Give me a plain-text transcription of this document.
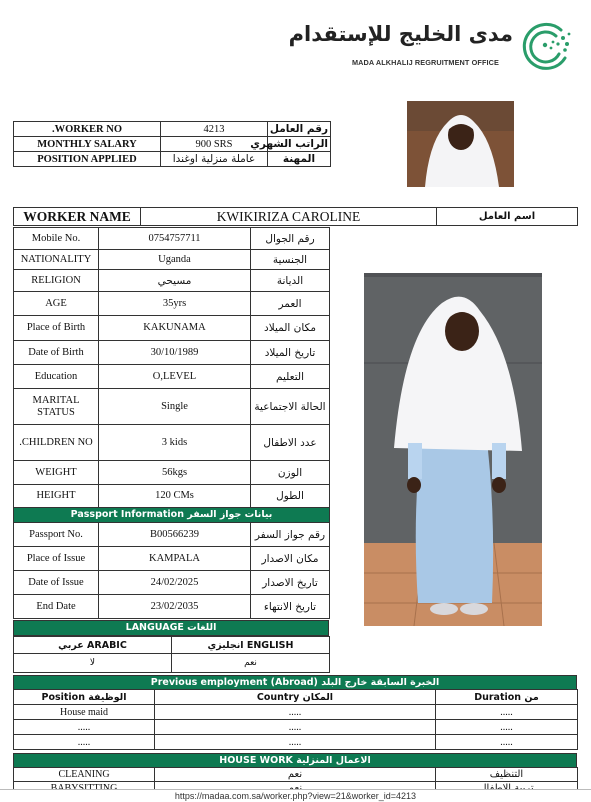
مدى الخليج للإستقدام
MADA ALKHALIJ REGRUITMENT OFFICE
.WORKER NO	4213	رقم العامل
MONTHLY SALARY	900 SRS	الراتب الشهري
POSITION APPLIED	عاملة منزلية اوغندا	المهنة
WORKER NAME	KWIKIRIZA CAROLINE	اسم العامل
Mobile No.	0754757711	رقم الجوال
NATIONALITY	Uganda	الجنسية
RELIGION	مسيحي	الديانة
AGE	35yrs	العمر
Place of Birth	KAKUNAMA	مكان الميلاد
Date of Birth	30/10/1989	تاريخ الميلاد
Education	O,LEVEL	التعليم
MARITAL STATUS	Single	الحالة الاجتماعية
.CHILDREN NO	3 kids	عدد الاطفال
WEIGHT	56kgs	الوزن
HEIGHT	120 CMs	الطول
Passport Information بيانات جواز السفر		
Passport No.	B00566239	رقم جواز السفر
Place of Issue	KAMPALA	مكان الاصدار
Date of Issue	24/02/2025	تاريخ الاصدار
End Date	23/02/2035	تاريخ الانتهاء
LANGUAGE اللغات
ARABIC عربي	ENGLISH انجليزي
لا	نعم
Previous employment (Abroad) الخبرة السابقة خارج البلد
Position الوظيفة	Country المكان	Duration من
House maid	.....	.....
.....	.....	.....
.....	.....	.....
HOUSE WORK الاعمال المنزلية
CLEANING	نعم	التنظيف

https://madaa.com.sa/worker.php?view=21&worker_id=4213
